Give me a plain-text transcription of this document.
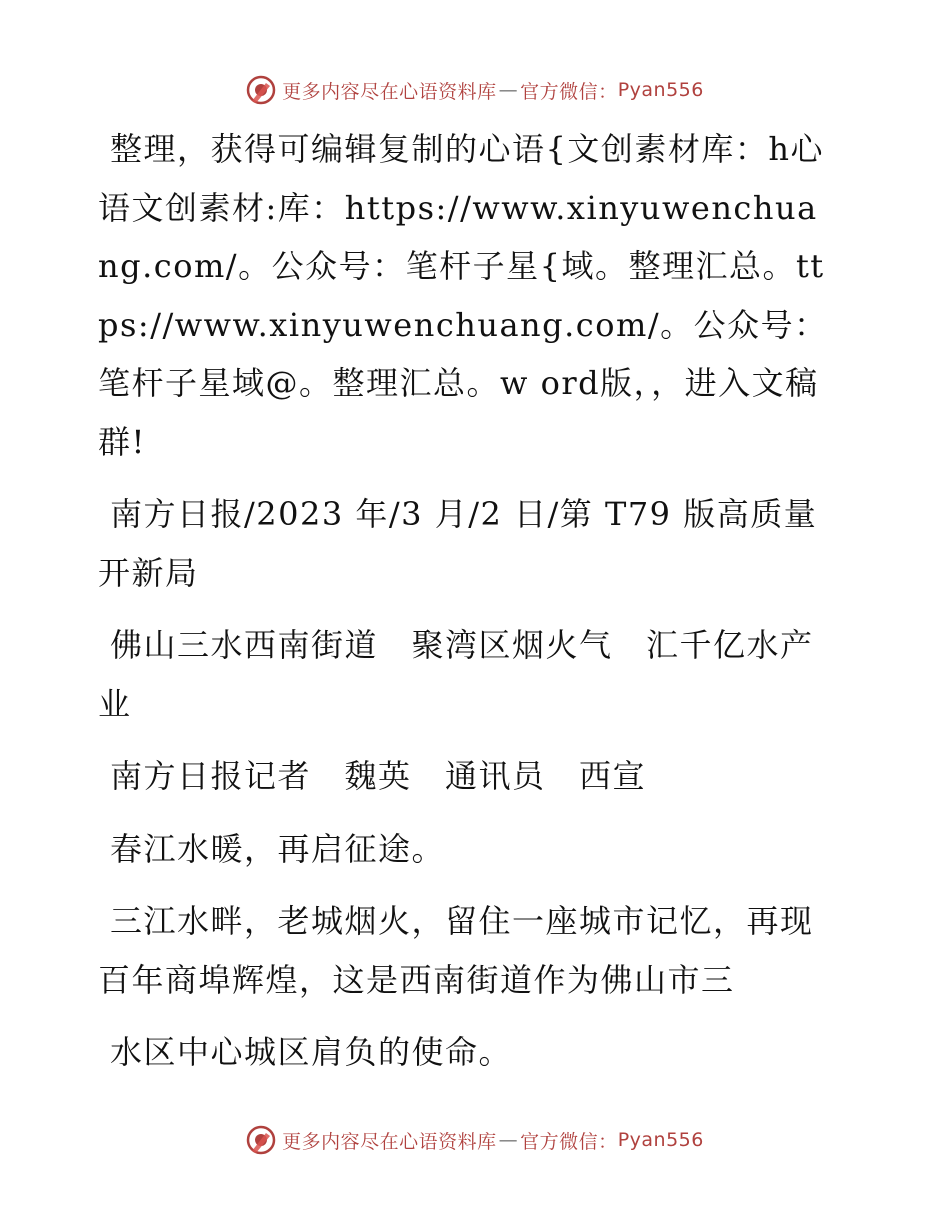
更多内容尽在心语资料库 — 官方微信： Pyan556

整理，获得可编辑复制的心语{文创素材库：h心语文创素材:库：https://www.xinyuwenchuang.com/。公众号：笔杆子星{域。整理汇总。ttps://www.xinyuwenchuang.com/。公众号：笔杆子星域@。整理汇总。w ord版，，进入文稿群!

南方日报/2023 年/3 月/2 日/第 T79 版高质量开新局

佛山三水西南街道　聚湾区烟火气　汇千亿水产业

南方日报记者　魏英　通讯员　西宣

春江水暖，再启征途。

三江水畔，老城烟火，留住一座城市记忆，再现百年商埠辉煌，这是西南街道作为佛山市三

水区中心城区肩负的使命。

更多内容尽在心语资料库 — 官方微信： Pyan556
